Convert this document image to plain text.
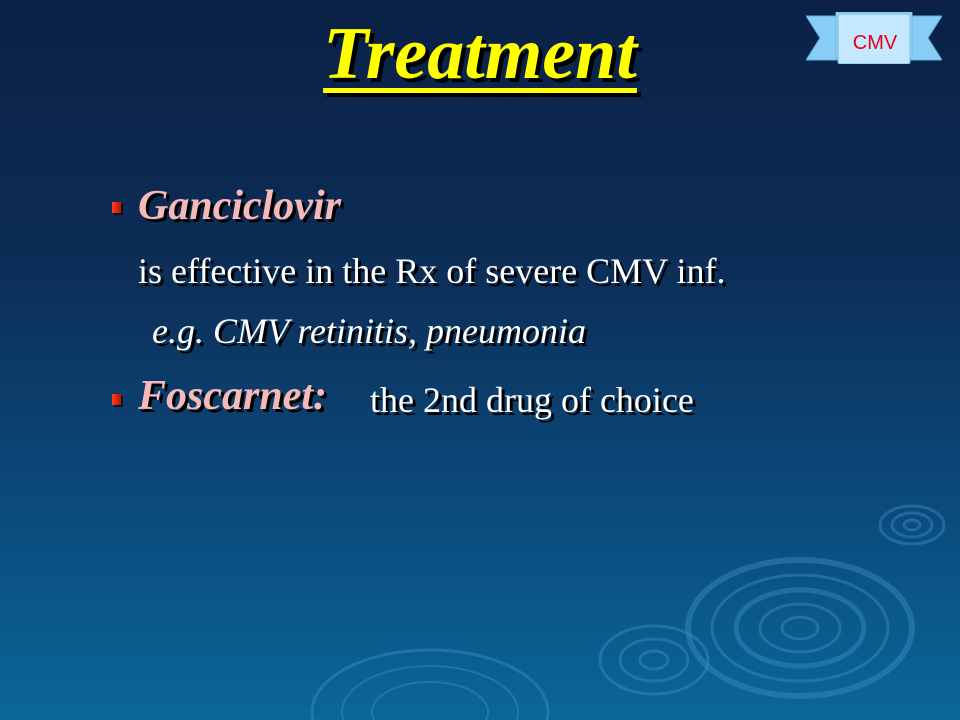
Treatment	CMV
Ganciclovir
is effective in the Rx of severe CMV inf.
e.g. CMV retinitis, pneumonia
Foscarnet: the 2nd drug of choice
